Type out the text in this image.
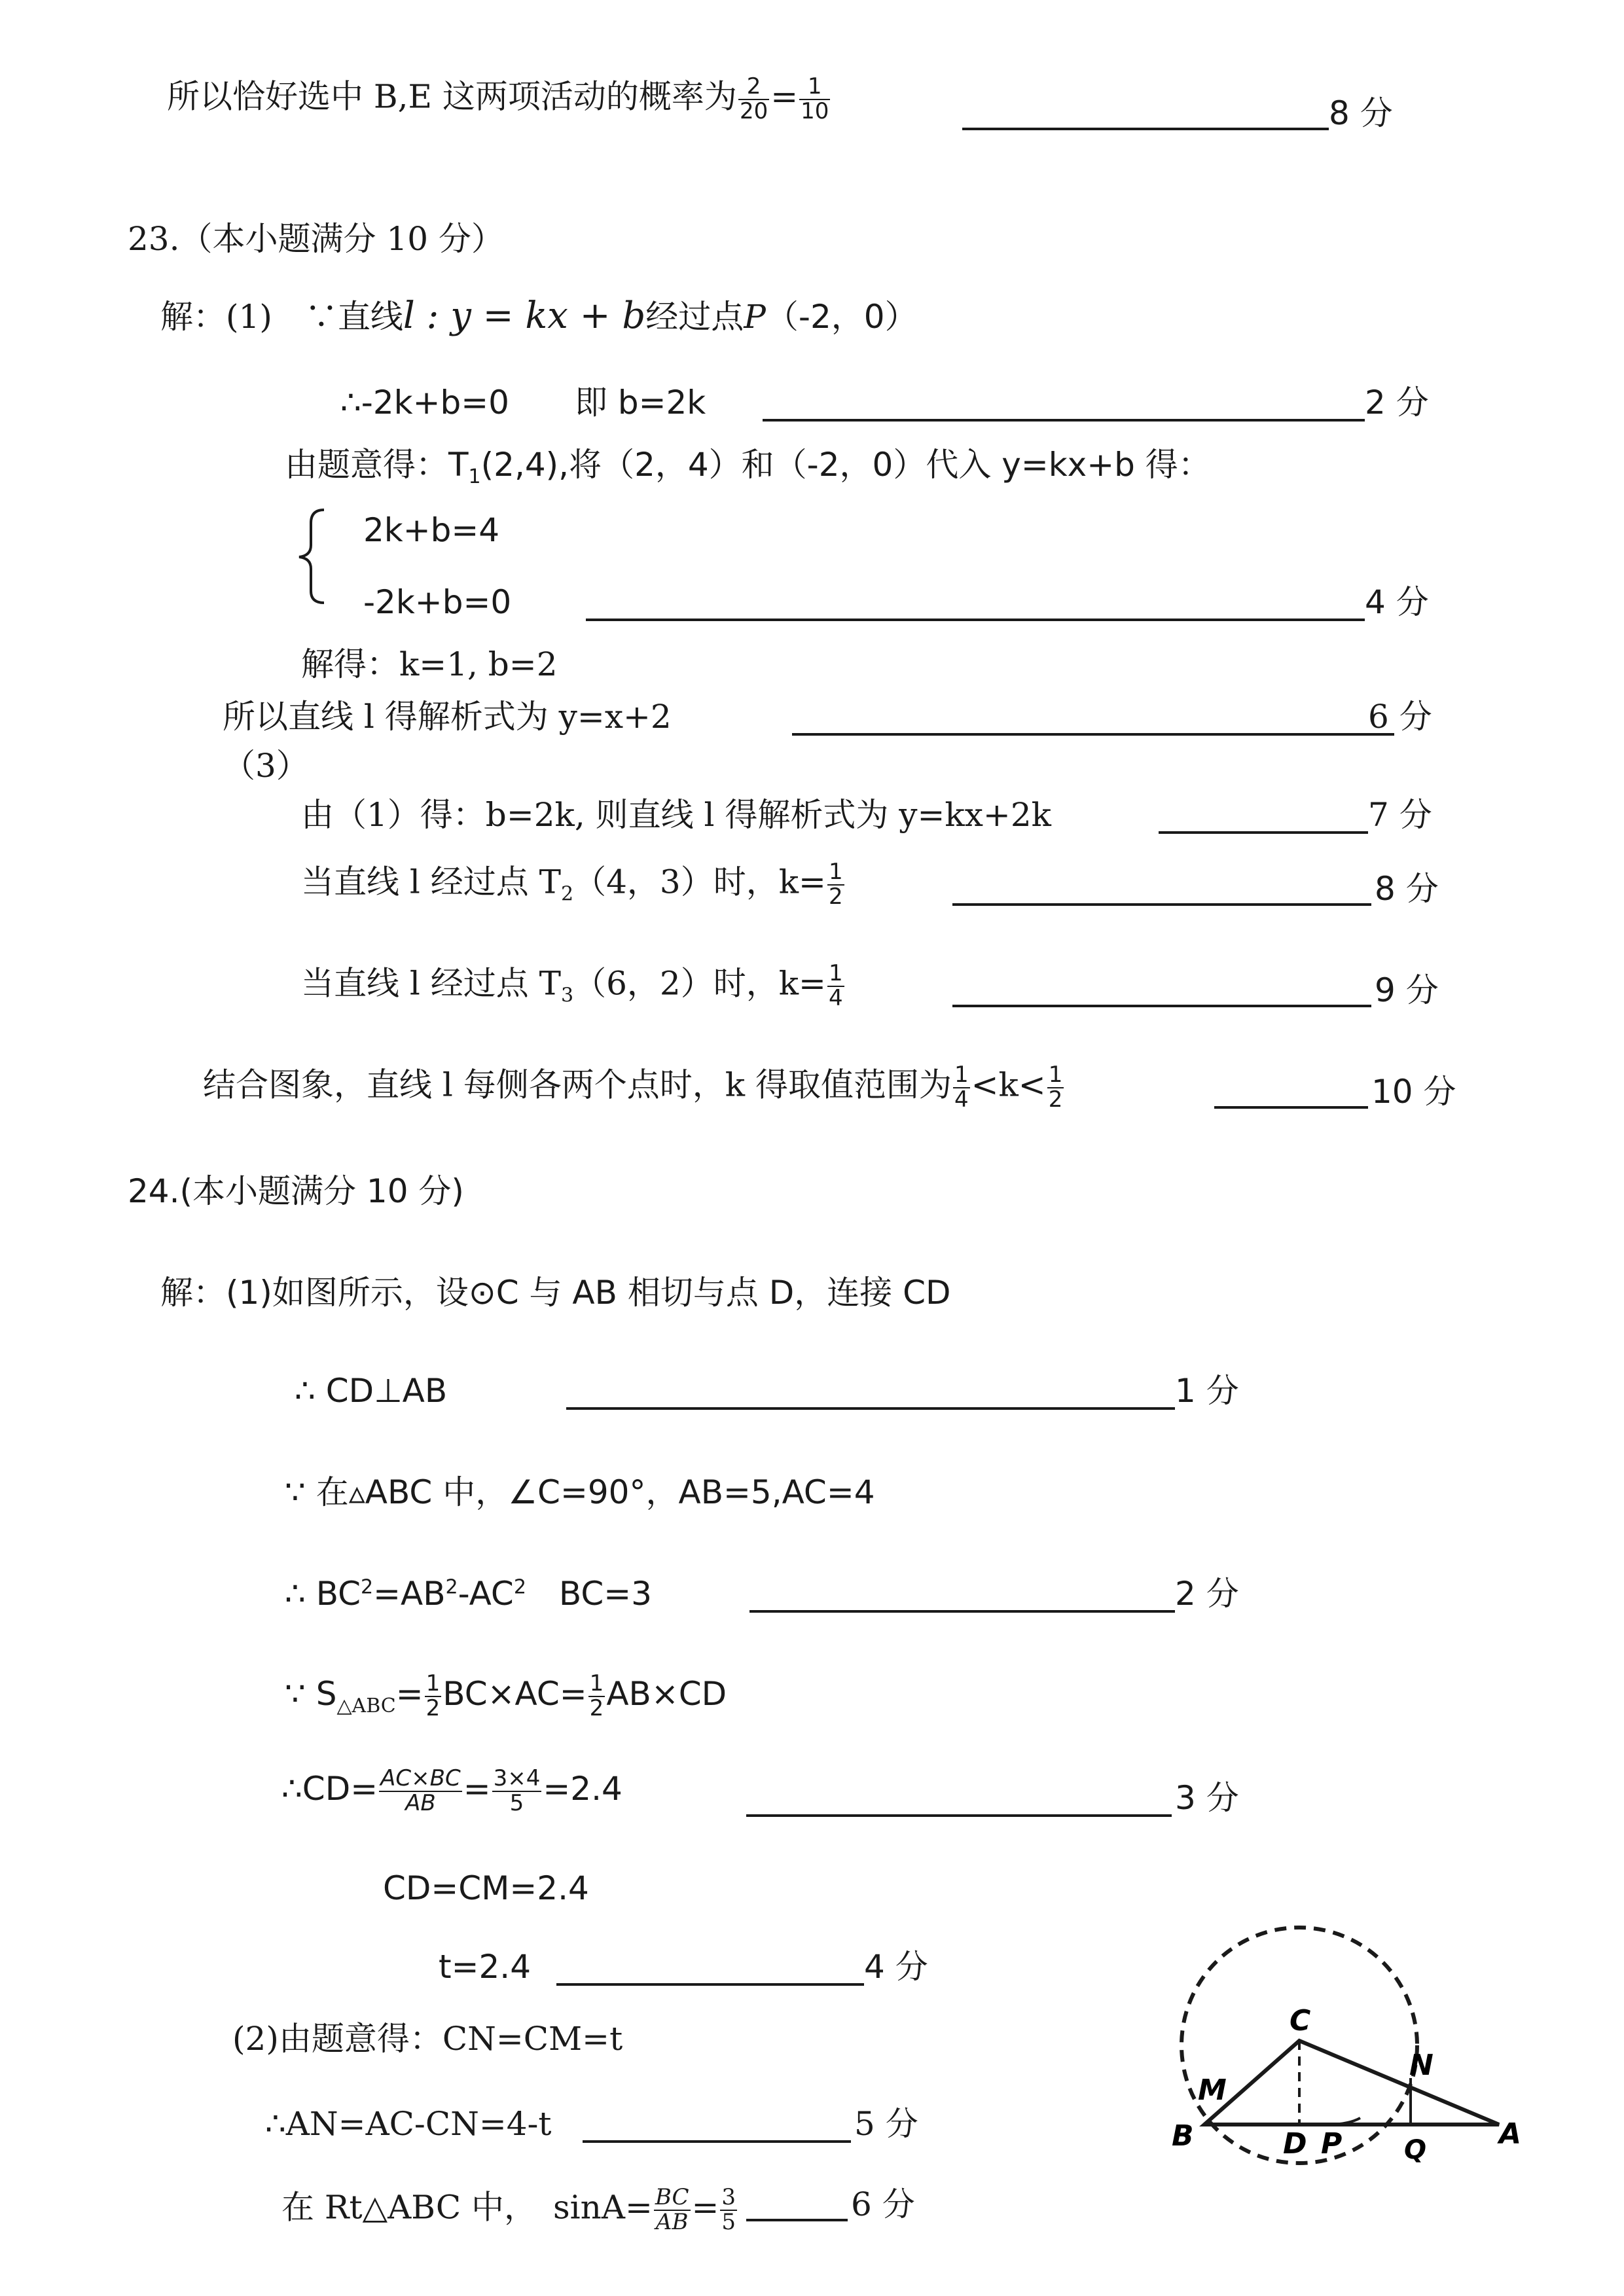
所以恰好选中 B,E 这两项活动的概率为 $\frac{2}{20} = \frac{1}{10}$	8 分
23.（本小题满分 10 分）
解：(1)　∵直线l : y = kx + b经过点P（-2，0）
∴-2k+b=0　　即 b=2k	2 分
由题意得：$T_1(2,4)$,将（2，4）和（-2，0）代入 y=kx+b 得：
2k+b=4
-2k+b=0	4 分
解得：k=1, b=2
所以直线 l 得解析式为 y=x+2	6 分
（3）
由（1）得：b=2k, 则直线 l 得解析式为 y=kx+2k	7 分
当直线 l 经过点 $T_2(4$，3）时，$k= \frac{1}{2}$	8 分
当直线 l 经过点 $T_3(6$，2）时，$k= \frac{1}{4}$	9 分
结合图象，直线 l 每侧各两个点时，k 得取值范围为 $\frac{1}{4} <k< \frac{1}{2}$	10 分
24.(本小题满分 10 分)
解：(1)如图所示，设⊙C 与 AB 相切与点 D，连接 CD
∴ CD⊥AB	1 分
∵ 在▵ABC 中，∠C=90°，AB=5,AC=4
∴ $BC^2=AB^2-AC^2$　BC=3	2 分
∵ $S_{\triangle ABC}= \frac{1}{2} BC\times AC= \frac{1}{2} AB\times CD$
∴CD= $\frac{AC\times BC}{AB} = \frac{3\times 4}{5} =2.4$	3 分
CD=CM=2.4
t=2.4	4 分
(2)由题意得：CN=CM=t
∴AN=AC-CN=4-t	5 分
在 Rt△ABC 中，　$\sin A= \frac{BC}{AB} = \frac{3}{5}$	6 分
C
M
N
B	D P Q	A
